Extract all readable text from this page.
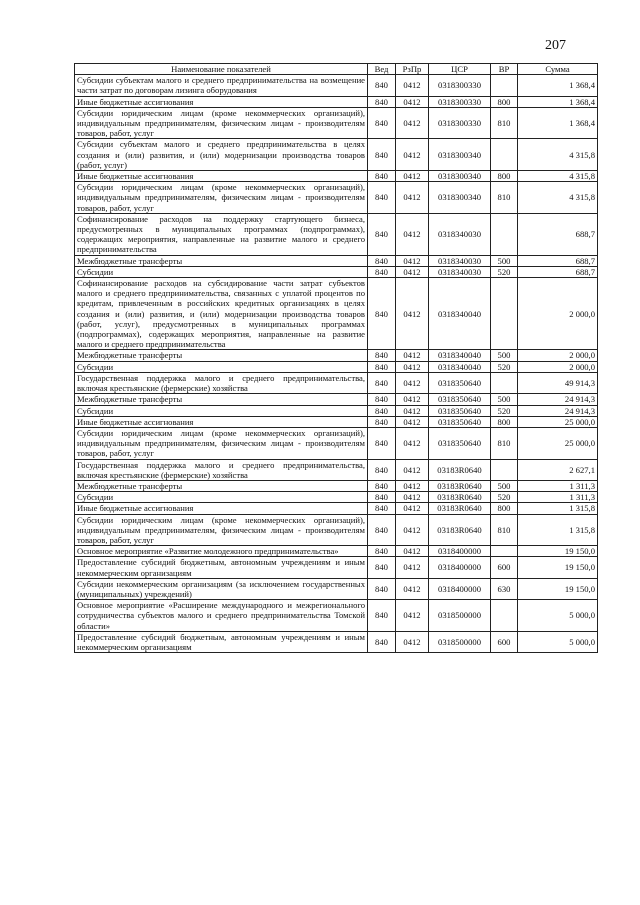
207
Наименование показателей	Вед	РзПр	ЦСР	ВР	Сумма
Субсидии субъектам малого и среднего предпринимательства на возмещение части затрат по договорам лизинга оборудования	840	0412	0318300330		1 368,4
Иные бюджетные ассигнования	840	0412	0318300330	800	1 368,4
Субсидии юридическим лицам (кроме некоммерческих организаций), индивидуальным предпринимателям, физическим лицам - производителям товаров, работ, услуг	840	0412	0318300330	810	1 368,4
Субсидии субъектам малого и среднего предпринимательства в целях создания и (или) развития, и (или) модернизации производства товаров (работ, услуг)	840	0412	0318300340		4 315,8
Иные бюджетные ассигнования	840	0412	0318300340	800	4 315,8
Субсидии юридическим лицам (кроме некоммерческих организаций), индивидуальным предпринимателям, физическим лицам - производителям товаров, работ, услуг	840	0412	0318300340	810	4 315,8
Софинансирование расходов на поддержку стартующего бизнеса, предусмотренных в муниципальных программах (подпрограммах), содержащих мероприятия, направленные на развитие малого и среднего предпринимательства	840	0412	0318340030		688,7
Межбюджетные трансферты	840	0412	0318340030	500	688,7
Субсидии	840	0412	0318340030	520	688,7
Софинансирование расходов на субсидирование части затрат субъектов малого и среднего предпринимательства, связанных с уплатой процентов по кредитам, привлеченным в российских кредитных организациях в целях создания и (или) развития, и (или) модернизации производства товаров (работ, услуг), предусмотренных в муниципальных программах (подпрограммах), содержащих мероприятия, направленные на развитие малого и среднего предпринимательства	840	0412	0318340040		2 000,0
Межбюджетные трансферты	840	0412	0318340040	500	2 000,0
Субсидии	840	0412	0318340040	520	2 000,0
Государственная поддержка малого и среднего предпринимательства, включая крестьянские (фермерские) хозяйства	840	0412	0318350640		49 914,3
Межбюджетные трансферты	840	0412	0318350640	500	24 914,3
Субсидии	840	0412	0318350640	520	24 914,3
Иные бюджетные ассигнования	840	0412	0318350640	800	25 000,0
Субсидии юридическим лицам (кроме некоммерческих организаций), индивидуальным предпринимателям, физическим лицам - производителям товаров, работ, услуг	840	0412	0318350640	810	25 000,0
Государственная поддержка малого и среднего предпринимательства, включая крестьянские (фермерские) хозяйства	840	0412	03183R0640		2 627,1
Межбюджетные трансферты	840	0412	03183R0640	500	1 311,3
Субсидии	840	0412	03183R0640	520	1 311,3
Иные бюджетные ассигнования	840	0412	03183R0640	800	1 315,8
Субсидии юридическим лицам (кроме некоммерческих организаций), индивидуальным предпринимателям, физическим лицам - производителям товаров, работ, услуг	840	0412	03183R0640	810	1 315,8
Основное мероприятие «Развитие молодежного предпринимательства»	840	0412	0318400000		19 150,0
Предоставление субсидий бюджетным, автономным учреждениям и иным некоммерческим организациям	840	0412	0318400000	600	19 150,0
Субсидии некоммерческим организациям (за исключением государственных (муниципальных) учреждений)	840	0412	0318400000	630	19 150,0
Основное мероприятие «Расширение международного и межрегионального сотрудничества субъектов малого и среднего предпринимательства Томской области»	840	0412	0318500000		5 000,0
Предоставление субсидий бюджетным, автономным учреждениям и иным некоммерческим организациям	840	0412	0318500000	600	5 000,0
